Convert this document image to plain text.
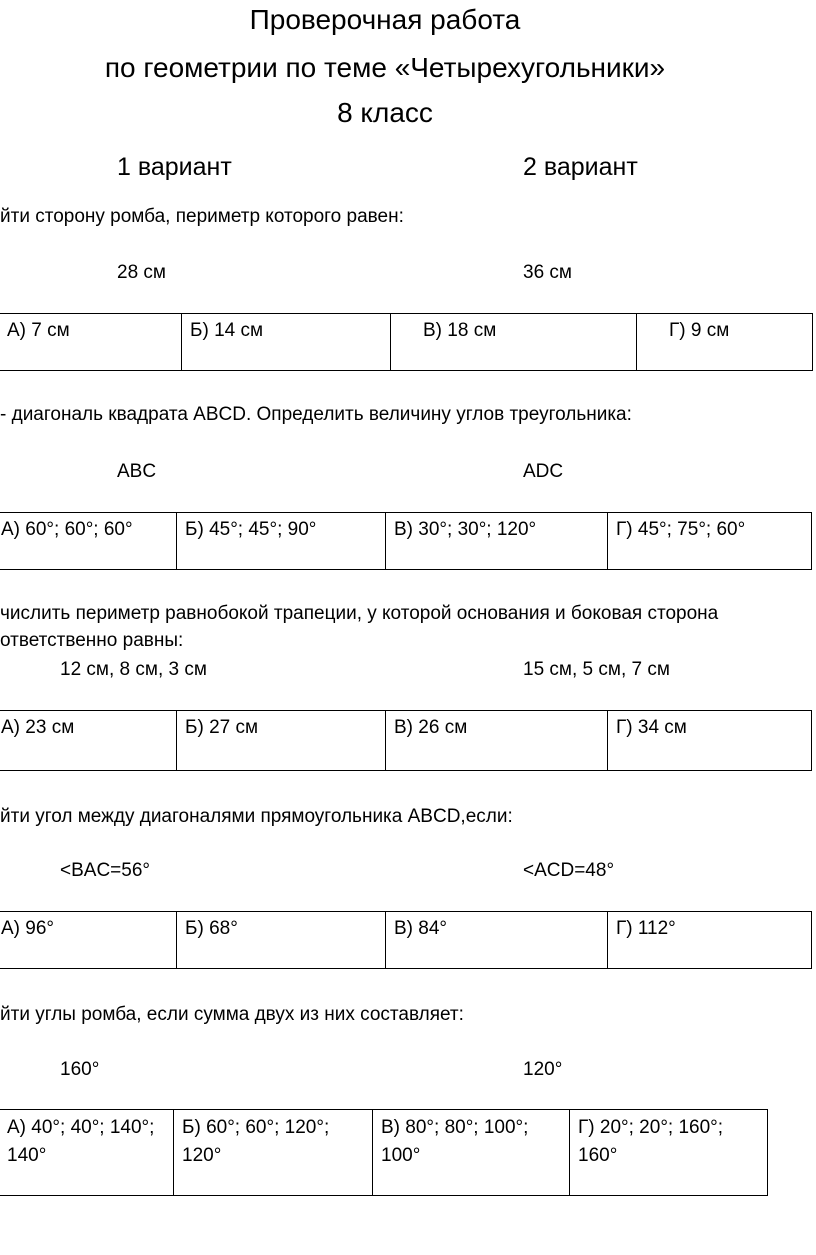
Проверочная работа
по геометрии по теме «Четырехугольники»
8 класс
1 вариант	2 вариант
йти сторону ромба, периметр которого равен:
28 см	36 см
А) 7 см	Б) 14 см	В) 18 см	Г) 9 см
- диагональ квадрата ABCD. Определить величину углов треугольника:
ABC	ADC
А) 60°; 60°; 60°	Б) 45°; 45°; 90°	В) 30°; 30°; 120°	Г) 45°; 75°; 60°
числить периметр равнобокой трапеции, у которой основания и боковая сторона
ответственно равны:
12 см, 8 см, 3 см	15 см, 5 см, 7 см
А) 23 см	Б) 27 см	В) 26 см	Г) 34 см
йти угол между диагоналями прямоугольника ABCD,если:
<BAC=56°	<ACD=48°
А) 96°	Б) 68°	В) 84°	Г) 112°
йти углы ромба, если сумма двух из них составляет:
160°	120°
А) 40°; 40°; 140°; 140°	Б) 60°; 60°; 120°; 120°	В) 80°; 80°; 100°; 100°	Г) 20°; 20°; 160°; 160°
